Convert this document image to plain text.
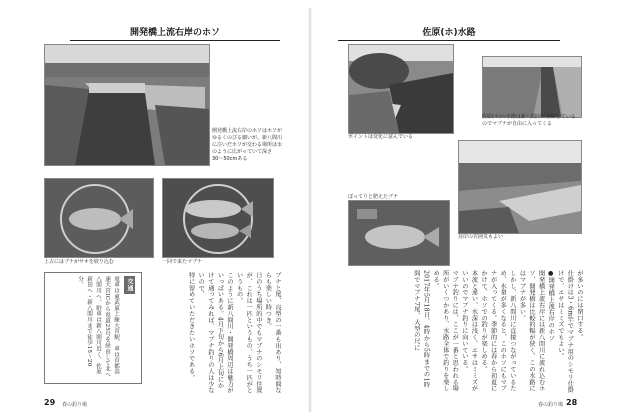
開発橋上流右岸のホソ
開発橋上流右岸のホソはホソがゆるくのびる細いが、新八間川に注いだホソが交わる場所は水のように広がっていて深さ30〜50cmある
上古にはブナがサオを絞り込む	一回で来たマブナ
ブナと尾、良型の一番も出あり、知時間ならも楽しい時つき。
日のうち場所的中でもマブナのシモリ住置が、これは一匹というもの、うち一匹がというもの。
このように新八間川・開発橋周辺は魅力がいっぱいある。4月下旬から6月上旬にかけて通ってみれば、マブナ釣りの人は少ないので、
特に留めていただきたいホソである。
交通
電車は東武東上線大宮駅、車は首都高速大宮ICから県道25号を経由して北へ八間川へ。駐車は新八間川近く、佐原新田へ・新八間川まで徒歩15〜20分。
29 春の釣り場
佐原(ホ)水路
ポイントは変化に富んでいる
佐原(ホ)の水路は新八間川に直結しているのでマブナが自由に入ってくる
ぼってりと肥えたブナ
対岸の雰囲気もよい
が多いのには閉口する。
仕掛けは3・6m竿でマブナ用のシモリ仕掛けで、エサはミミズでもよい。
●開発橋上流右岸のホソ
開発橋上流右岸には新八間川に流れ込むホソ、開発橋は比較的幅が狭く、この水路にはマブナが多い。
しかし、新八間川に直接つながっているため、水量が多くなると、このホソにもマブナが入ってくる。季節的には春から初夏にかけて、ホソでの釣りが楽しめる。
本流と違い、水深は浅く、エサはミミズがいいのでマブナ釣りに向いている。
マブナ釣りには、ここが一番と思われる場所がいくつかあり、水路全体で釣りを楽しめる。
2017年5月18日、4時から5時までの1時間でマブナ7尾、大型の尺に
春の釣り場 28
